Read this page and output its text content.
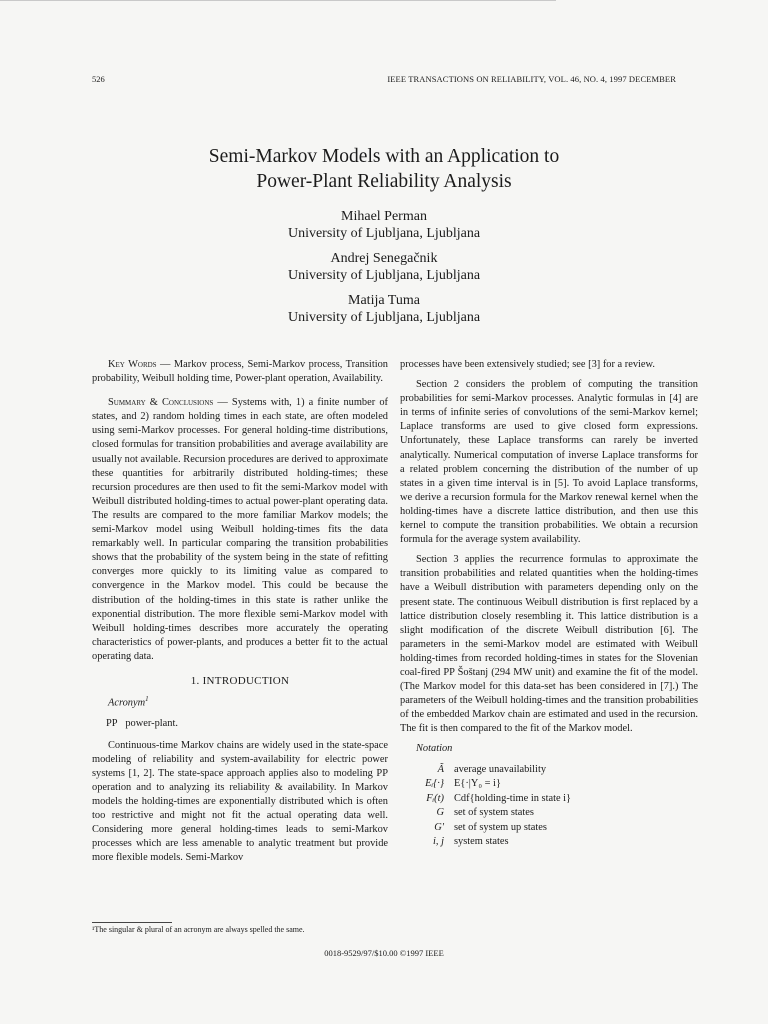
526	IEEE TRANSACTIONS ON RELIABILITY, VOL. 46, NO. 4, 1997 DECEMBER
Semi-Markov Models with an Application to
Power-Plant Reliability Analysis
Mihael Perman
University of Ljubljana, Ljubljana
Andrej Senegačnik
University of Ljubljana, Ljubljana
Matija Tuma
University of Ljubljana, Ljubljana

Key Words — Markov process, Semi-Markov process, Transition probability, Weibull holding time, Power-plant operation, Availability.

Summary & Conclusions — Systems with, 1) a finite number of states, and 2) random holding times in each state, are often modeled using semi-Markov processes. For general holding-time distributions, closed formulas for transition probabilities and average availability are usually not available. Recursion procedures are derived to approximate these quantities for arbitrarily distributed holding-times; these recursion procedures are then used to fit the semi-Markov model with Weibull distributed holding-times to actual power-plant operating data. The results are compared to the more familiar Markov models; the semi-Markov model using Weibull holding-times fits the data remarkably well. In particular comparing the transition probabilities shows that the probability of the system being in the state of refitting converges more quickly to its limiting value as compared to convergence in the Markov model. This could be because the distribution of the holding-times in this state is rather unlike the exponential distribution. The more flexible semi-Markov model with Weibull holding-times describes more accurately the operating characteristics of power-plants, and produces a better fit to the actual operating data.

1. INTRODUCTION

Acronym$^1$

PP power-plant.

Continuous-time Markov chains are widely used in the state-space modeling of reliability and system-availability for electric power systems [1, 2]. The state-space approach applies also to modeling PP operation and to analyzing its reliability & availability. In Markov models the holding-times are exponentially distributed which is often too restrictive and might not fit the actual operating data well. Considering more general holding-times leads to semi-Markov processes which are less amenable to analytic treatment but provide more flexible models. Semi-Markov

¹The singular & plural of an acronym are always spelled the same.

processes have been extensively studied; see [3] for a review.

Section 2 considers the problem of computing the transition probabilities for semi-Markov processes. Analytic formulas in [4] are in terms of infinite series of convolutions of the semi-Markov kernel; Laplace transforms are used to give closed form expressions. Unfortunately, these Laplace transforms can rarely be inverted analytically. Numerical computation of inverse Laplace transforms for a related problem concerning the distribution of the number of up states in a given time interval is in [5]. To avoid Laplace transforms, we derive a recursion formula for the Markov renewal kernel when the holding-times have a discrete lattice distribution, and then use this kernel to compute the transition probabilities. We obtain a recursion formula for the average system availability.

Section 3 applies the recurrence formulas to approximate the transition probabilities and related quantities when the holding-times have a Weibull distribution with parameters depending only on the present state. The continuous Weibull distribution is first replaced by a lattice distribution closely resembling it. This lattice distribution is a slight modification of the discrete Weibull distribution [6]. The parameters in the semi-Markov model are estimated with Weibull holding-times from recorded holding-times in states for the Slovenian coal-fired PP Šoštanj (294 MW unit) and examine the fit of the model. (The Markov model for this data-set has been considered in [7].) The parameters of the Weibull holding-times and the transition probabilities of the embedded Markov chain are estimated and used in the recursion. The fit is then compared to the fit of the Markov model.

Notation

Ã	average unavailability
Eᵢ{·}	E{·|Y₀ = i}
Fᵢ(t)	Cdf{holding-time in state i}
G	set of system states
G′	set of system up states
i, j	system states
0018-9529/97/$10.00 ©1997 IEEE
